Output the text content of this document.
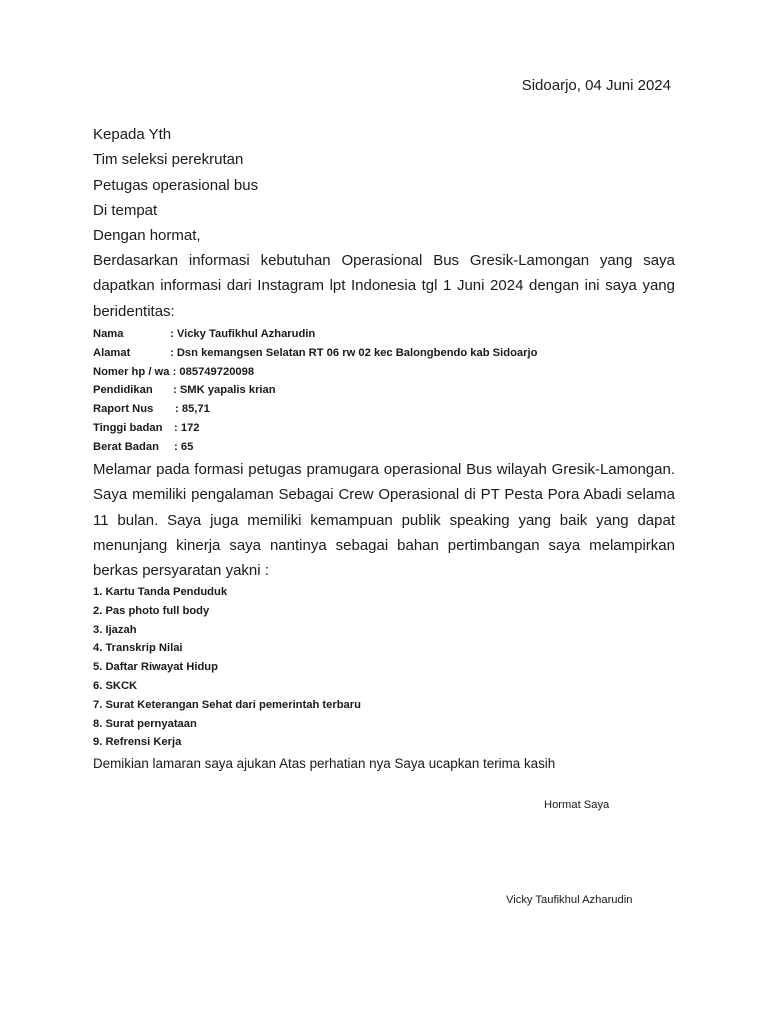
Sidoarjo, 04 Juni 2024
Kepada Yth
Tim seleksi perekrutan
Petugas operasional bus
Di tempat
Dengan hormat,

Berdasarkan informasi kebutuhan Operasional Bus Gresik-Lamongan yang saya dapatkan informasi dari Instagram lpt Indonesia tgl 1 Juni 2024 dengan ini saya yang beridentitas:

Nama	: Vicky Taufikhul Azharudin
Alamat	: Dsn kemangsen Selatan RT 06 rw 02 kec Balongbendo kab Sidoarjo
Nomer hp / wa : 085749720098
Pendidikan : SMK yapalis krian
Raport Nus : 85,71
Tinggi badan : 172
Berat Badan : 65

Melamar pada formasi petugas pramugara operasional Bus wilayah Gresik-Lamongan. Saya memiliki pengalaman Sebagai Crew Operasional di PT Pesta Pora Abadi selama 11 bulan. Saya juga memiliki kemampuan publik speaking yang baik yang dapat menunjang kinerja saya nantinya sebagai bahan pertimbangan saya melampirkan berkas persyaratan yakni :

1. Kartu Tanda Penduduk
2. Pas photo full body
3. Ijazah
4. Transkrip Nilai
5. Daftar Riwayat Hidup
6. SKCK
7. Surat Keterangan Sehat dari pemerintah terbaru
8. Surat pernyataan
9. Refrensi Kerja
Demikian lamaran saya ajukan Atas perhatian nya Saya ucapkan terima kasih
Hormat Saya
Vicky Taufikhul Azharudin
